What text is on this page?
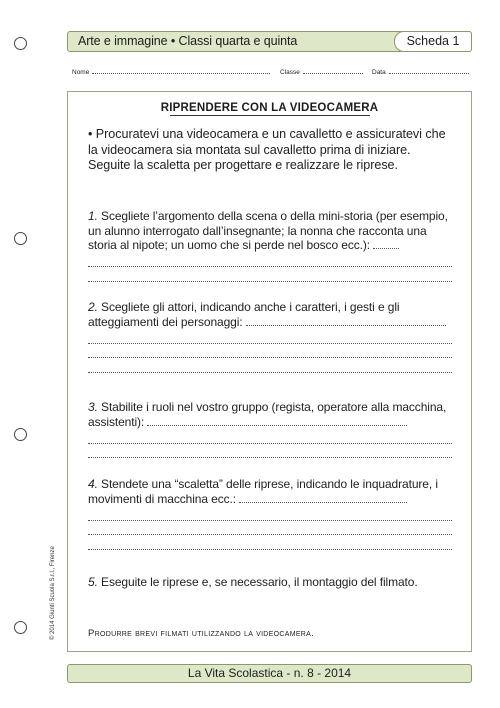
Arte e immagine • Classi quarta e quinta	Scheda 1
Nome	Classe	Data
RIPRENDERE CON LA VIDEOCAMERA
• Procuratevi una videocamera e un cavalletto e assicuratevi che la videocamera sia montata sul cavalletto prima di iniziare. Seguite la scaletta per progettare e realizzare le riprese.
1. Scegliete l’argomento della scena o della mini-storia (per esempio, un alunno interrogato dall’insegnante; la nonna che racconta una storia al nipote; un uomo che si perde nel bosco ecc.):
2. Scegliete gli attori, indicando anche i caratteri, i gesti e gli atteggiamenti dei personaggi:
3. Stabilite i ruoli nel vostro gruppo (regista, operatore alla macchina, assistenti):
4. Stendete una “scaletta” delle riprese, indicando le inquadrature, i movimenti di macchina ecc.:
5. Eseguite le riprese e, se necessario, il montaggio del filmato.
Produrre brevi filmati utilizzando la videocamera.
La Vita Scolastica - n. 8 - 2014
© 2014 Giunti Scuola S.r.l., Firenze
